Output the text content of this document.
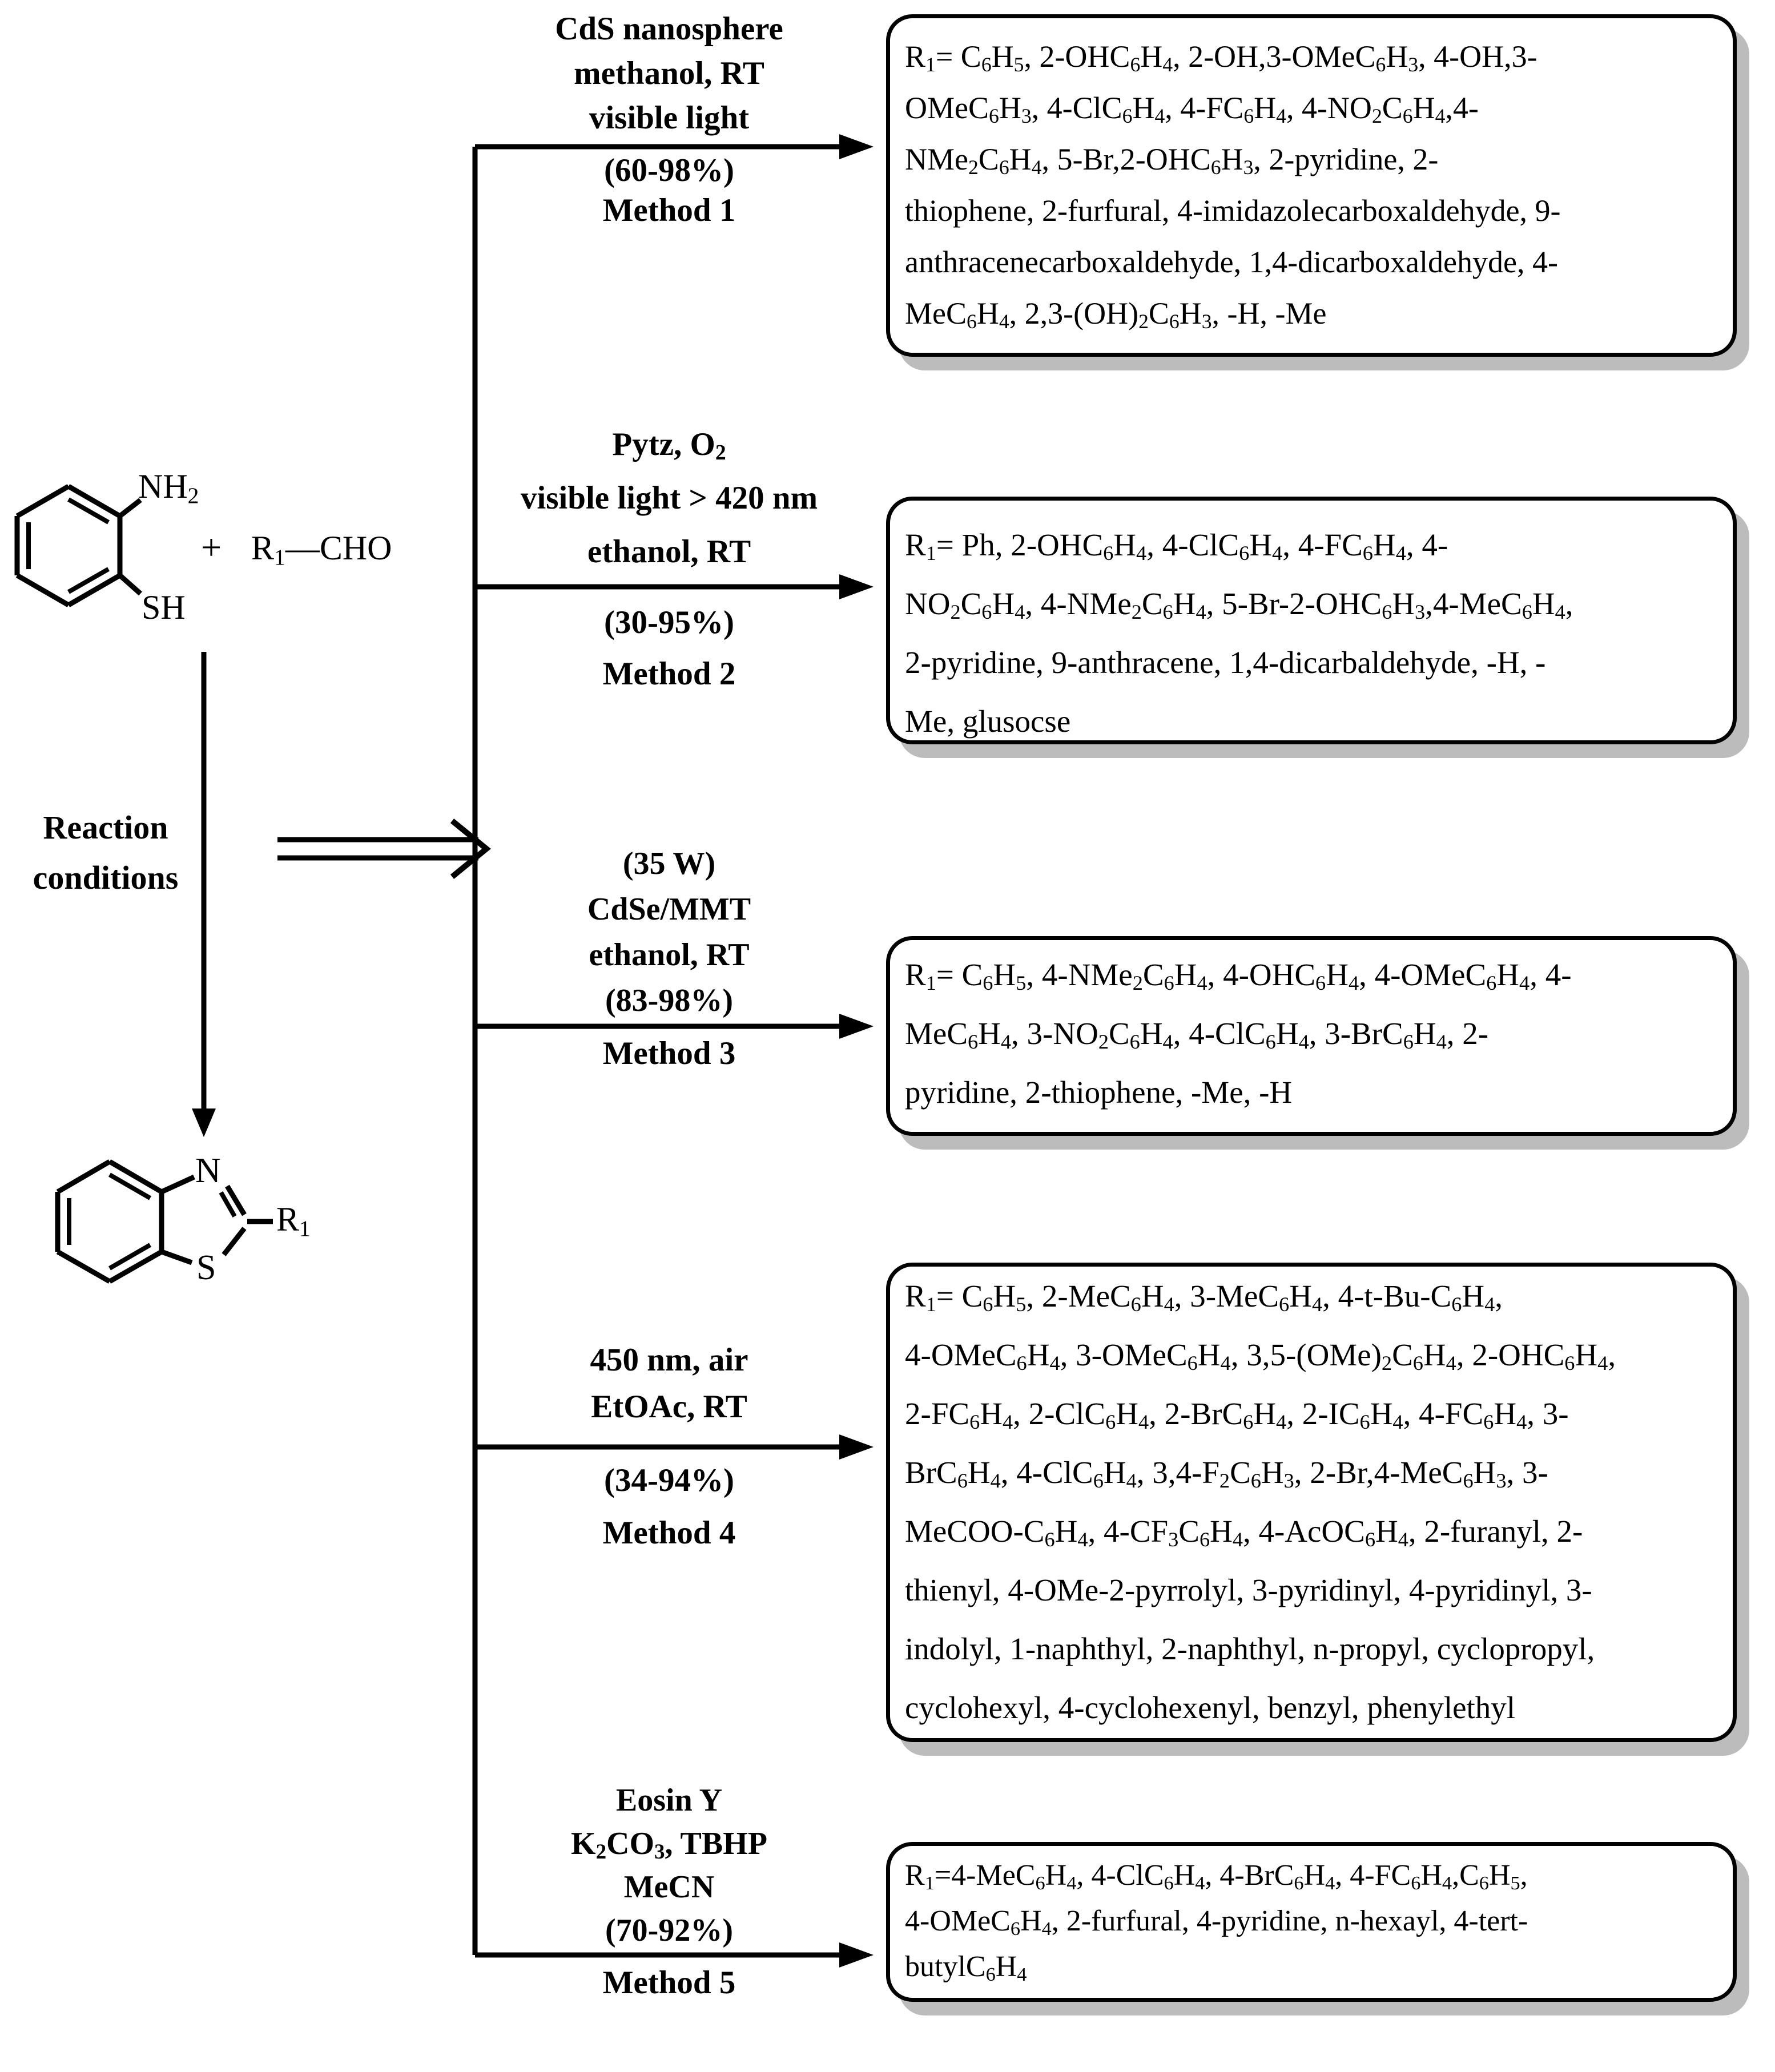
$NH_2$
SH
+ $R_1—CHO$
Reaction
conditions
N
S
$R_1$
CdS nanosphere
methanol, RT
visible light
(60-98%)
Method 1
$R_1= C_6H_5$, $2-OHC_6H_4$, $2-OH,3-OMeC_6H_3$, 4-OH,3-
$OMeC_6H_3$, $4-ClC_6H_4$, $4-FC_6H_4$, $4-NO_2C_6H_4,4-$
$NMe_2C_6H_4$, $5-Br,2-OHC_6H_3$, 2-pyridine, 2-
thiophene, 2-furfural, 4-imidazolecarboxaldehyde, 9-
anthracenecarboxaldehyde, 1,4-dicarboxaldehyde, 4-
$MeC_6H_4$, $2,3-(OH)_2C_6H_3$, -H, -Me
Pytz, $O_2$
visible light > 420 nm
ethanol, RT
(30-95%)
Method 2
$R_1= Ph$, $2-OHC_6H_4$, $4-ClC_6H_4$, $4-FC_6H_4$, 4-
$NO_2C_6H_4$, $4-NMe_2C_6H_4$, $5-Br-2-OHC_6H_3,4-MeC_6H_4$,
2-pyridine, 9-anthracene, 1,4-dicarbaldehyde, -H, -
Me, glusocse
(35 W)
CdSe/MMT
ethanol, RT
(83-98%)
Method 3
$R_1= C_6H_5$, $4-NMe_2C_6H_4$, $4-OHC_6H_4$, $4-OMeC_6H_4$, 4-
$MeC_6H_4$, $3-NO_2C_6H_4$, $4-ClC_6H_4$, $3-BrC_6H_4$, 2-
pyridine, 2-thiophene, -Me, -H
450 nm, air
EtOAc, RT
(34-94%)
Method 4
$R_1= C_6H_5$, $2-MeC_6H_4$, $3-MeC_6H_4$, $4-t-Bu-C_6H_4$,
$4-OMeC_6H_4$, $3-OMeC_6H_4$, $3,5-(OMe)_2C_6H_4$, $2-OHC_6H_4$,
$2-FC_6H_4$, $2-ClC_6H_4$, $2-BrC_6H_4$, $2-IC_6H_4$, $4-FC_6H_4$, 3-
$BrC_6H_4$, $4-ClC_6H_4$, $3,4-F_2C_6H_3$, $2-Br,4-MeC_6H_3$, 3-
MeCOO-$C_6H_4$, $4-CF_3C_6H_4$, $4-AcOC_6H_4$, 2-furanyl, 2-
thienyl, 4-OMe-2-pyrrolyl, 3-pyridinyl, 4-pyridinyl, 3-
indolyl, 1-naphthyl, 2-naphthyl, n-propyl, cyclopropyl,
cyclohexyl, 4-cyclohexenyl, benzyl, phenylethyl
Eosin Y
$K_2CO_3$, TBHP
MeCN
(70-92%)
Method 5
$R_1=4-MeC_6H_4$, $4-ClC_6H_4$, $4-BrC_6H_4$, $4-FC_6H_4,C_6H_5$,
$4-OMeC_6H_4$, 2-furfural, 4-pyridine, n-hexayl, 4-tert-
$butylC_6H_4$
